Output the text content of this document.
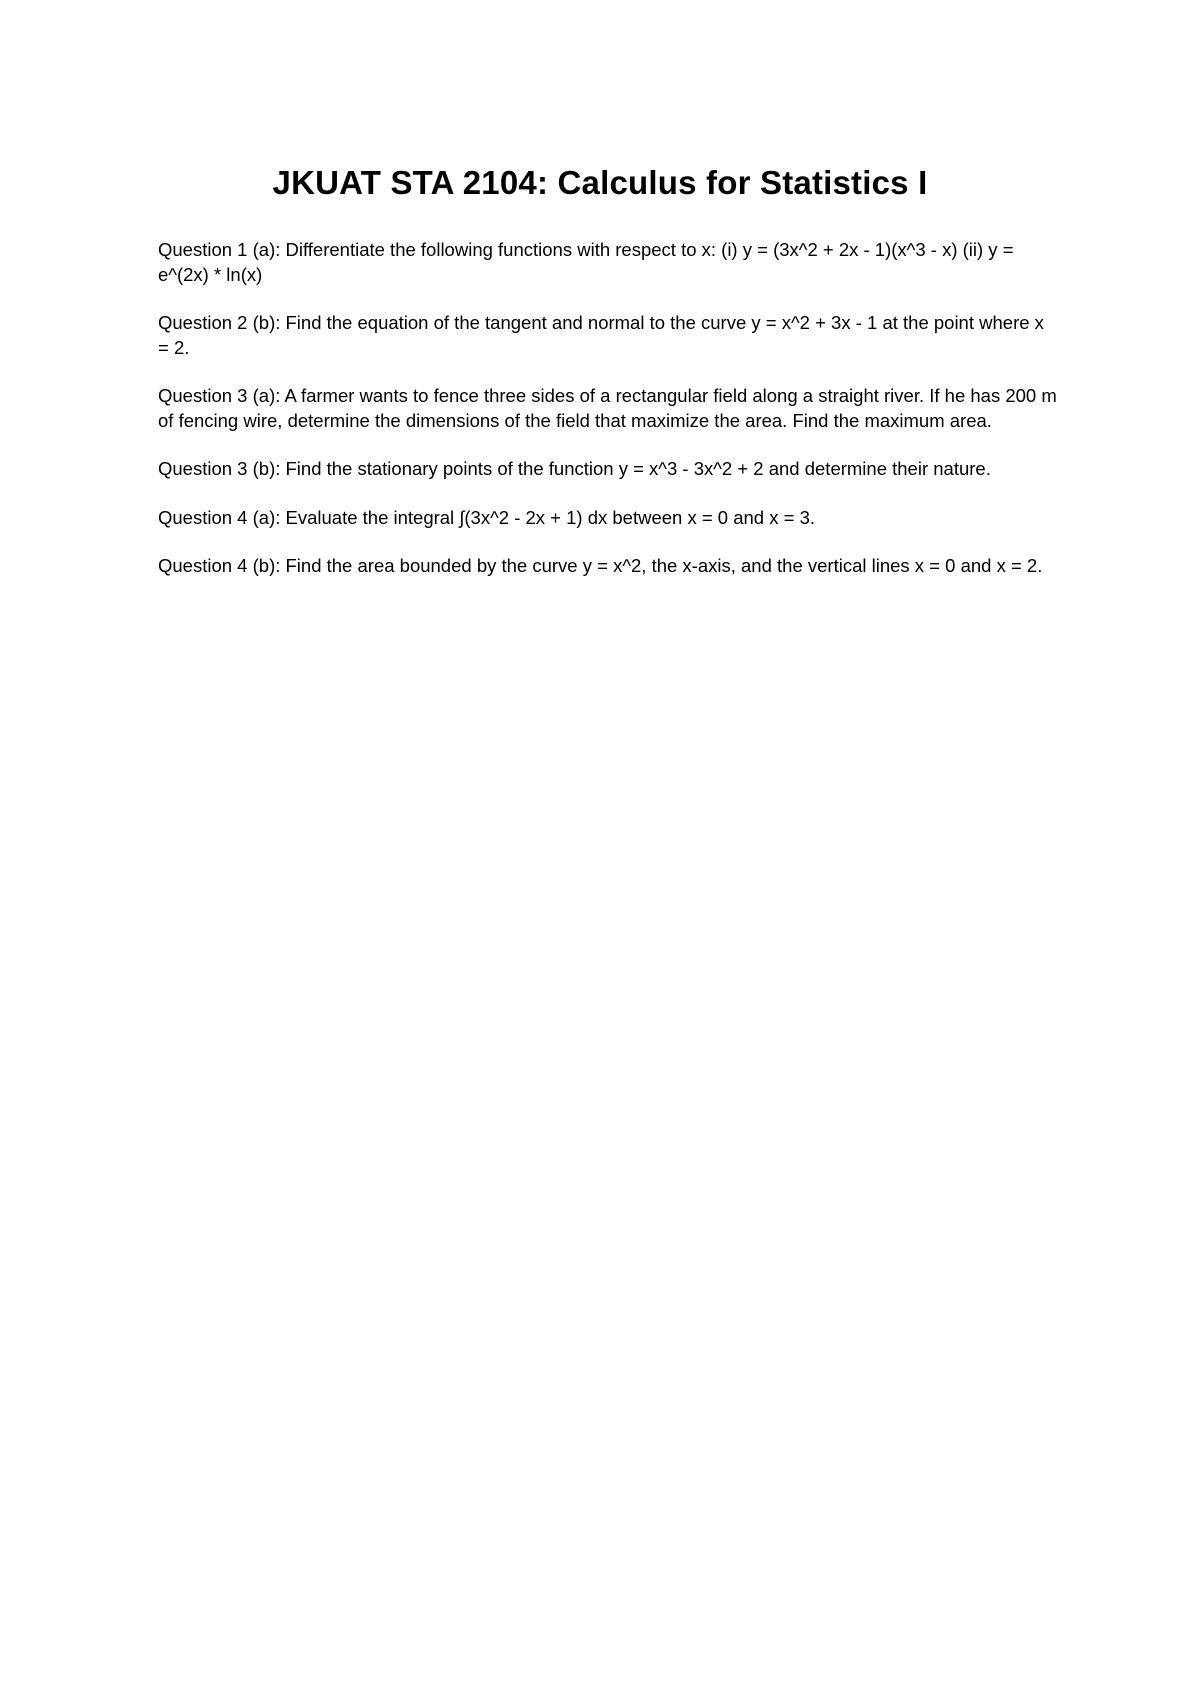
JKUAT STA 2104: Calculus for Statistics I

Question 1 (a): Differentiate the following functions with respect to x: (i) y = (3x^2 + 2x - 1)(x^3 - x) (ii) y = e^(2x) * ln(x)

Question 2 (b): Find the equation of the tangent and normal to the curve y = x^2 + 3x - 1 at the point where x = 2.

Question 3 (a): A farmer wants to fence three sides of a rectangular field along a straight river. If he has 200 m of fencing wire, determine the dimensions of the field that maximize the area. Find the maximum area.

Question 3 (b): Find the stationary points of the function y = x^3 - 3x^2 + 2 and determine their nature.

Question 4 (a): Evaluate the integral ∫(3x^2 - 2x + 1) dx between x = 0 and x = 3.

Question 4 (b): Find the area bounded by the curve y = x^2, the x-axis, and the vertical lines x = 0 and x = 2.
